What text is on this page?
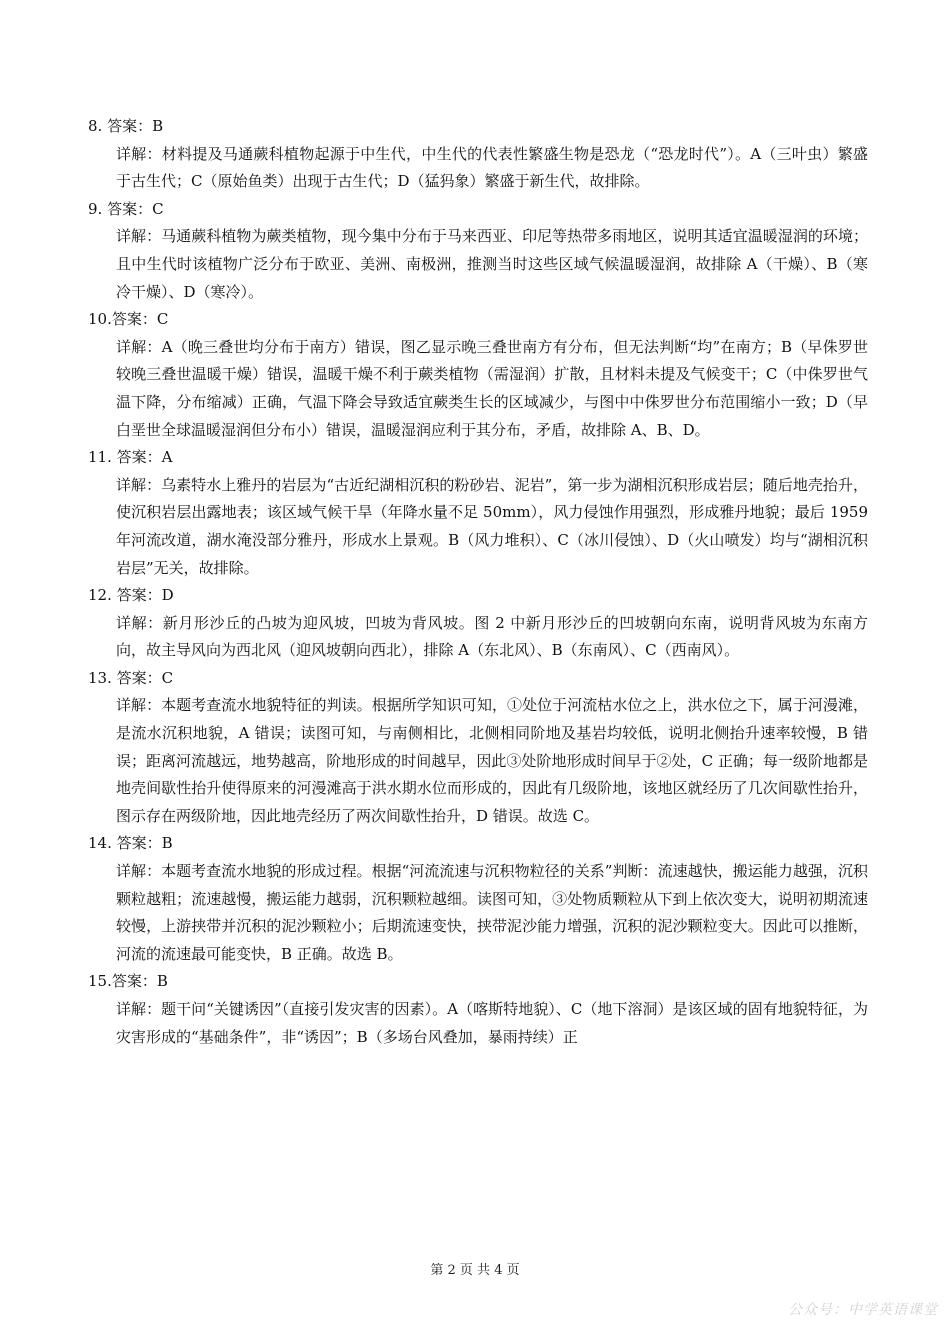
8. 答案：B

详解：材料提及马通蕨科植物起源于中生代，中生代的代表性繁盛生物是恐龙（“恐龙时代”）。A（三叶虫）繁盛于古生代；C（原始鱼类）出现于古生代；D（猛犸象）繁盛于新生代，故排除。

9. 答案：C

详解：马通蕨科植物为蕨类植物，现今集中分布于马来西亚、印尼等热带多雨地区，说明其适宜温暖湿润的环境；且中生代时该植物广泛分布于欧亚、美洲、南极洲，推测当时这些区域气候温暖湿润，故排除 A（干燥）、B（寒冷干燥）、D（寒冷）。

10.答案：C

详解：A（晚三叠世均分布于南方）错误，图乙显示晚三叠世南方有分布，但无法判断“均”在南方；B（早侏罗世较晚三叠世温暖干燥）错误，温暖干燥不利于蕨类植物（需湿润）扩散，且材料未提及气候变干；C（中侏罗世气温下降，分布缩减）正确，气温下降会导致适宜蕨类生长的区域减少，与图中中侏罗世分布范围缩小一致；D（早白垩世全球温暖湿润但分布小）错误，温暖湿润应利于其分布，矛盾，故排除 A、B、D。

11. 答案：A

详解：乌素特水上雅丹的岩层为“古近纪湖相沉积的粉砂岩、泥岩”，第一步为湖相沉积形成岩层；随后地壳抬升，使沉积岩层出露地表；该区域气候干旱（年降水量不足 50mm），风力侵蚀作用强烈，形成雅丹地貌；最后 1959 年河流改道，湖水淹没部分雅丹，形成水上景观。B（风力堆积）、C（冰川侵蚀）、D（火山喷发）均与“湖相沉积岩层”无关，故排除。

12. 答案：D

详解：新月形沙丘的凸坡为迎风坡，凹坡为背风坡。图 2 中新月形沙丘的凹坡朝向东南，说明背风坡为东南方向，故主导风向为西北风（迎风坡朝向西北），排除 A（东北风）、B（东南风）、C（西南风）。

13. 答案：C

详解：本题考查流水地貌特征的判读。根据所学知识可知，①处位于河流枯水位之上，洪水位之下，属于河漫滩，是流水沉积地貌，A 错误；读图可知，与南侧相比，北侧相同阶地及基岩均较低，说明北侧抬升速率较慢，B 错误；距离河流越远，地势越高，阶地形成的时间越早，因此③处阶地形成时间早于②处，C 正确；每一级阶地都是地壳间歇性抬升使得原来的河漫滩高于洪水期水位而形成的，因此有几级阶地，该地区就经历了几次间歇性抬升，图示存在两级阶地，因此地壳经历了两次间歇性抬升，D 错误。故选 C。

14. 答案：B

详解：本题考查流水地貌的形成过程。根据“河流流速与沉积物粒径的关系”判断：流速越快，搬运能力越强，沉积颗粒越粗；流速越慢，搬运能力越弱，沉积颗粒越细。读图可知，③处物质颗粒从下到上依次变大，说明初期流速较慢，上游挟带并沉积的泥沙颗粒小；后期流速变快，挟带泥沙能力增强，沉积的泥沙颗粒变大。因此可以推断，河流的流速最可能变快，B 正确。故选 B。

15.答案：B

详解：题干问“关键诱因”（直接引发灾害的因素）。A（喀斯特地貌）、C（地下溶洞）是该区域的固有地貌特征，为灾害形成的“基础条件”，非“诱因”；B（多场台风叠加，暴雨持续）正

第 2 页 共 4 页
公众号：中学英语课堂
